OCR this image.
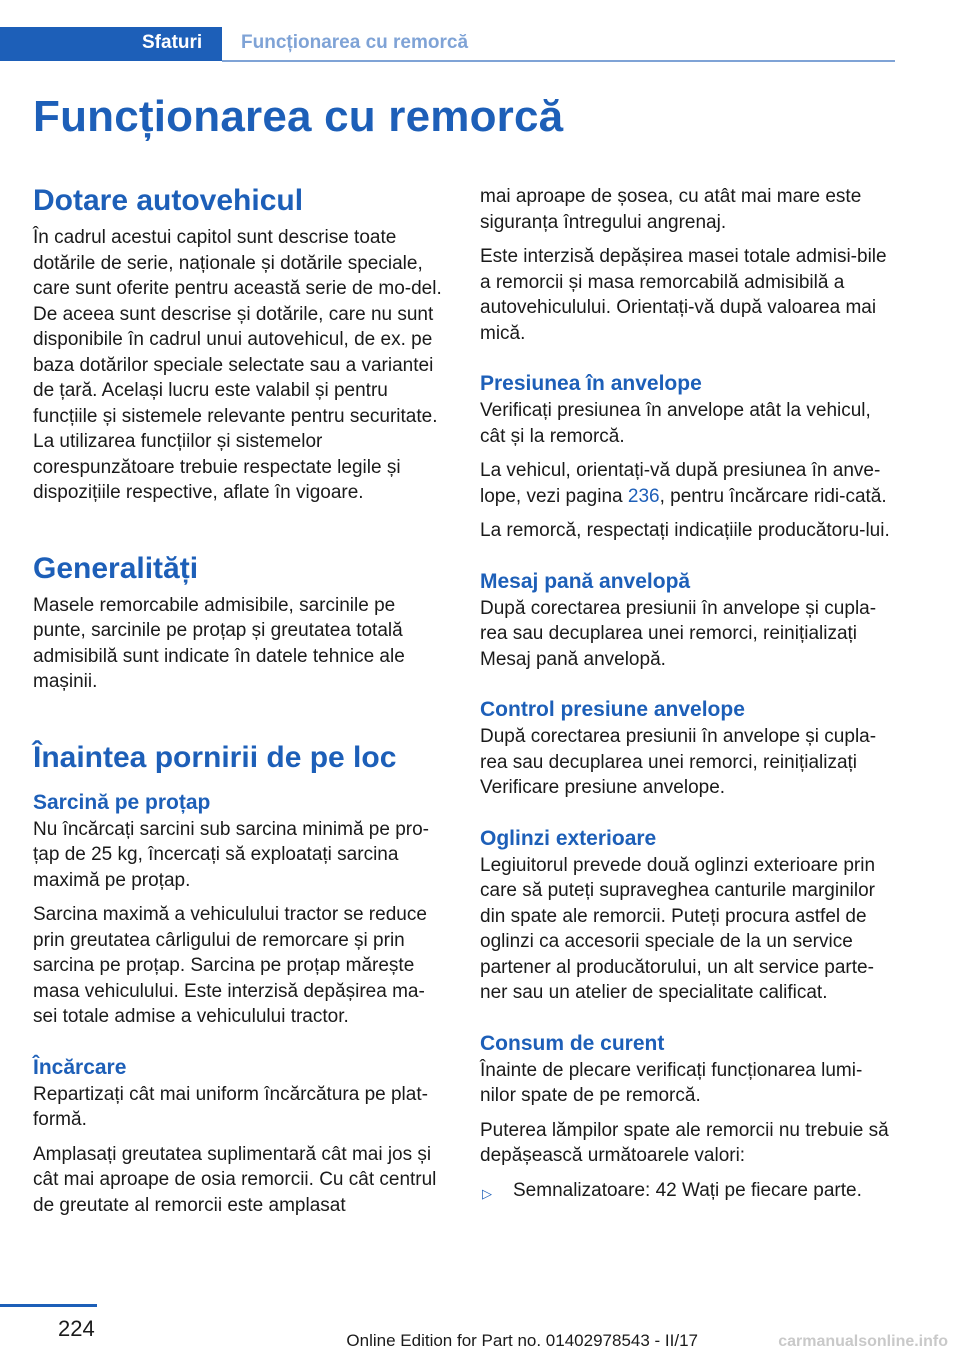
Sfaturi	Funcționarea cu remorcă
Funcționarea cu remorcă
Dotare autovehicul

În cadrul acestui capitol sunt descrise toate dotările de serie, naționale și dotările speciale, care sunt oferite pentru această serie de mo-del. De aceea sunt descrise și dotările, care nu sunt disponibile în cadrul unui autovehicul, de ex. pe baza dotărilor speciale selectate sau a variantei de țară. Același lucru este valabil și pentru funcțiile și sistemele relevante pentru securitate. La utilizarea funcțiilor și sistemelor corespunzătoare trebuie respectate legile și dispozițiile respective, aflate în vigoare.

Generalități

Masele remorcabile admisibile, sarcinile pe punte, sarcinile pe proțap și greutatea totală admisibilă sunt indicate în datele tehnice ale mașinii.

Înaintea pornirii de pe loc
Sarcină pe proțap

Nu încărcați sarcini sub sarcina minimă pe pro-țap de 25 kg, încercați să exploatați sarcina maximă pe proțap.

Sarcina maximă a vehiculului tractor se reduce prin greutatea cârligului de remorcare și prin sarcina pe proțap. Sarcina pe proțap mărește masa vehiculului. Este interzisă depășirea ma-sei totale admise a vehiculului tractor.

Încărcare

Repartizați cât mai uniform încărcătura pe plat-formă.

Amplasați greutatea suplimentară cât mai jos și cât mai aproape de osia remorcii. Cu cât centrul de greutate al remorcii este amplasat

mai aproape de șosea, cu atât mai mare este siguranța întregului angrenaj.

Este interzisă depășirea masei totale admisi-bile a remorcii și masa remorcabilă admisibilă a autovehiculului. Orientați-vă după valoarea mai mică.

Presiunea în anvelope

Verificați presiunea în anvelope atât la vehicul, cât și la remorcă.

La vehicul, orientați-vă după presiunea în anve-lope, vezi pagina 236, pentru încărcare ridi-cată.

La remorcă, respectați indicațiile producătoru-lui.

Mesaj pană anvelopă

După corectarea presiunii în anvelope și cupla-rea sau decuplarea unei remorci, reinițializați Mesaj pană anvelopă.

Control presiune anvelope

După corectarea presiunii în anvelope și cupla-rea sau decuplarea unei remorci, reinițializați Verificare presiune anvelope.

Oglinzi exterioare

Legiuitorul prevede două oglinzi exterioare prin care să puteți supraveghea canturile marginilor din spate ale remorcii. Puteți procura astfel de oglinzi ca accesorii speciale de la un service partener al producătorului, un alt service parte-ner sau un atelier de specialitate calificat.

Consum de curent

Înainte de plecare verificați funcționarea lumi-nilor spate de pe remorcă.

Puterea lămpilor spate ale remorcii nu trebuie să depășească următoarele valori:

▷	Semnalizatoare: 42 Wați pe fiecare parte.
224	Online Edition for Part no. 01402978543 - II/17	carmanualsonline.info
